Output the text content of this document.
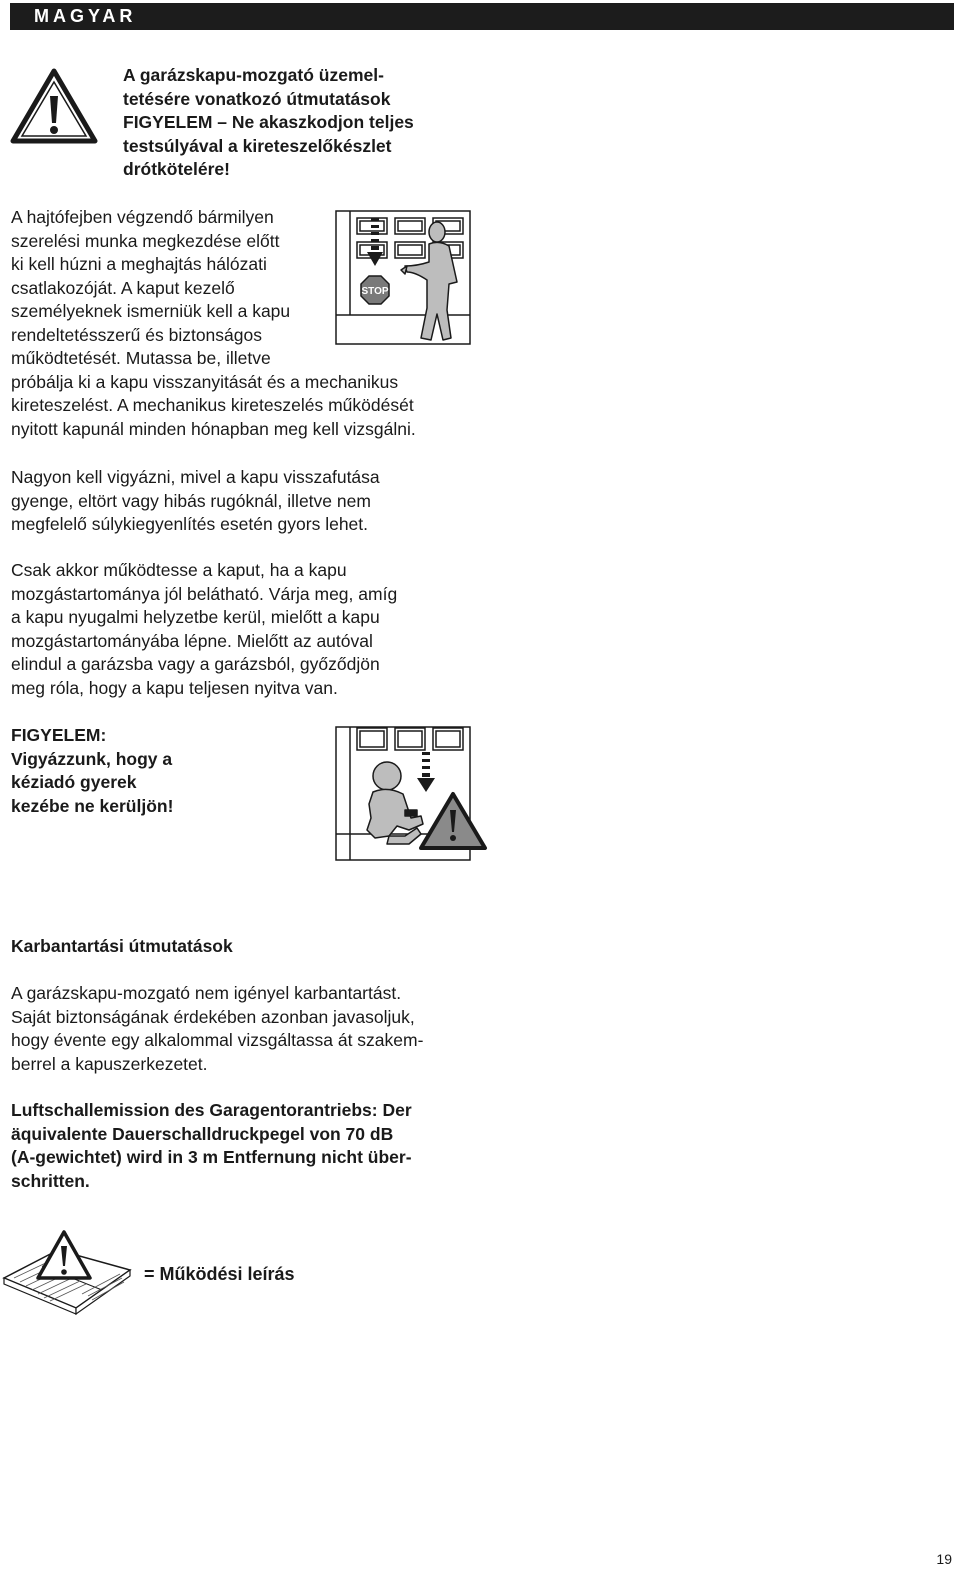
MAGYAR
A garázskapu-mozgató üzemel-
tetésére vonatkozó útmutatások
FIGYELEM – Ne akaszkodjon teljes
testsúlyával a kireteszelőkészlet
drótkötelére!
A hajtófejben végzendő bármilyen
szerelési munka megkezdése előtt
ki kell húzni a meghajtás hálózati
csatlakozóját. A kaput kezelő
személyeknek ismerniük kell a kapu
rendeltetésszerű és biztonságos
működtetését. Mutassa be, illetve
próbálja ki a kapu visszanyitását és a mechanikus
kireteszelést. A mechanikus kireteszelés működését
nyitott kapunál minden hónapban meg kell vizsgálni.
STOP
Nagyon kell vigyázni, mivel a kapu visszafutása
gyenge, eltört vagy hibás rugóknál, illetve nem
megfelelő súlykiegyenlítés esetén gyors lehet.
Csak akkor működtesse a kaput, ha a kapu
mozgástartománya jól belátható. Várja meg, amíg
a kapu nyugalmi helyzetbe kerül, mielőtt a kapu
mozgástartományába lépne. Mielőtt az autóval
elindul a garázsba vagy a garázsból, győződjön
meg róla, hogy a kapu teljesen nyitva van.
FIGYELEM:
Vigyázzunk, hogy a
kéziadó gyerek
kezébe ne kerüljön!
Karbantartási útmutatások
A garázskapu-mozgató nem igényel karbantartást.
Saját biztonságának érdekében azonban javasoljuk,
hogy évente egy alkalommal vizsgáltassa át szakem-
berrel a kapuszerkezetet.
Luftschallemission des Garagentorantriebs: Der
äquivalente Dauerschalldruckpegel von 70 dB
(A-gewichtet) wird in 3 m Entfernung nicht über-
schritten.
= Működési leírás
19
